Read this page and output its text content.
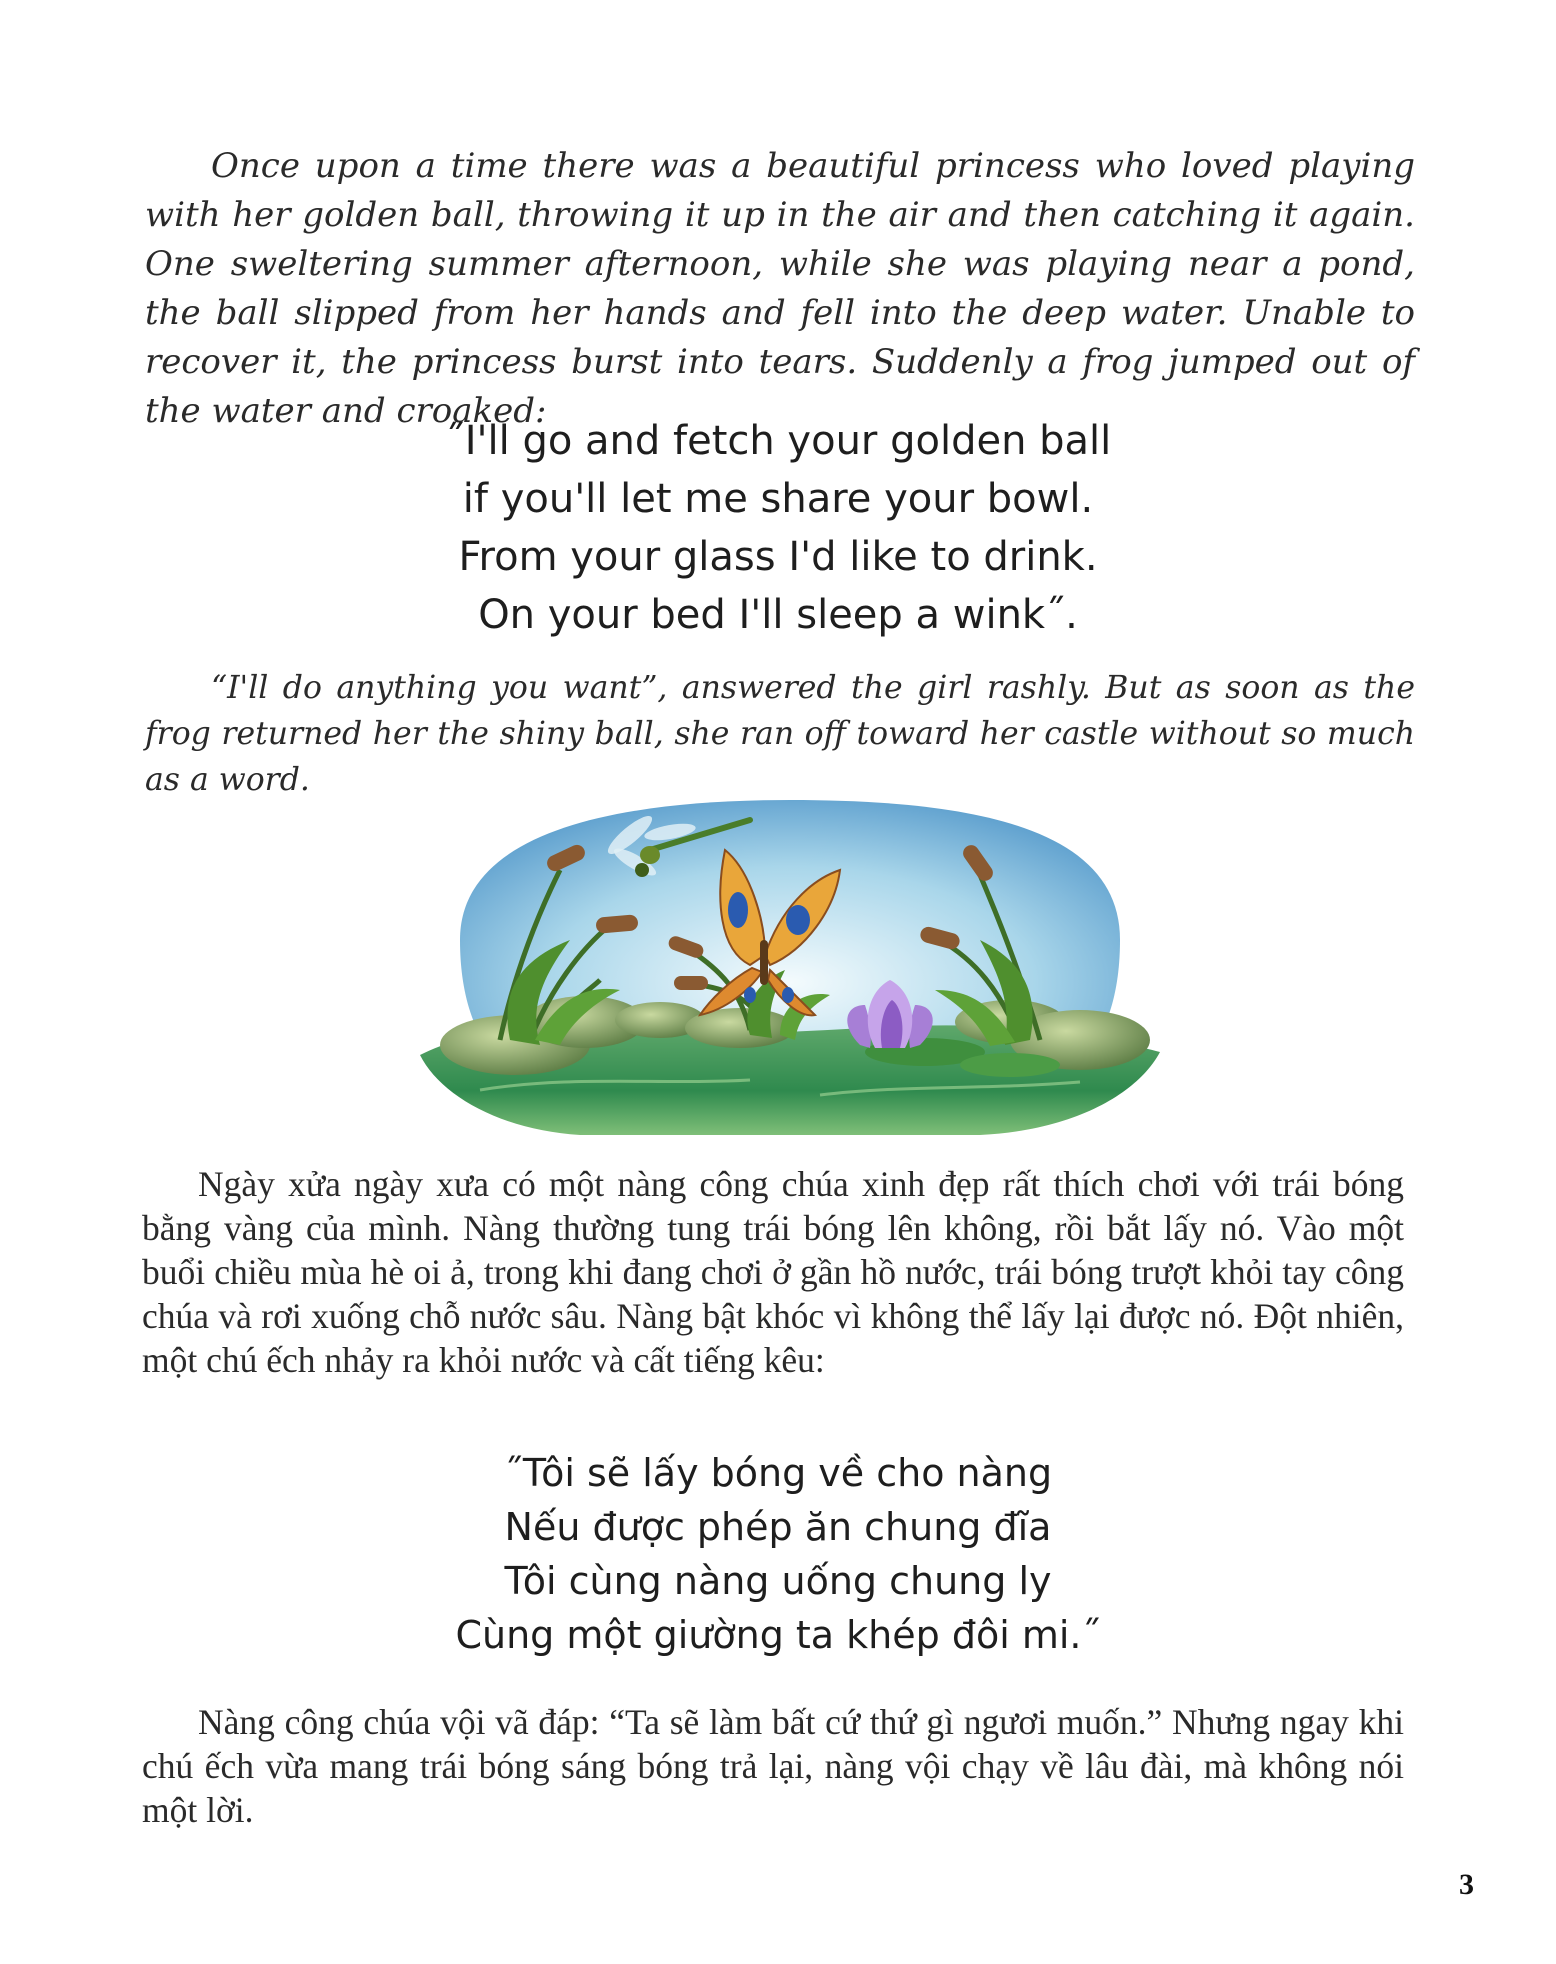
Once upon a time there was a beautiful princess who loved playing with her golden ball, throwing it up in the air and then catching it again. One sweltering summer afternoon, while she was playing near a pond, the ball slipped from her hands and fell into the deep water. Unable to recover it, the princess burst into tears. Suddenly a frog jumped out of the water and croaked:

˝I'll go and fetch your golden ball
if you'll let me share your bowl.
From your glass I'd like to drink.
On your bed I'll sleep a wink˝.

“I'll do anything you want”, answered the girl rashly. But as soon as the frog returned her the shiny ball, she ran off toward her castle without so much as a word.

Ngày xửa ngày xưa có một nàng công chúa xinh đẹp rất thích chơi với trái bóng bằng vàng của mình. Nàng thường tung trái bóng lên không, rồi bắt lấy nó. Vào một buổi chiều mùa hè oi ả, trong khi đang chơi ở gần hồ nước, trái bóng trượt khỏi tay công chúa và rơi xuống chỗ nước sâu. Nàng bật khóc vì không thể lấy lại được nó. Đột nhiên, một chú ếch nhảy ra khỏi nước và cất tiếng kêu:

˝Tôi sẽ lấy bóng về cho nàng
Nếu được phép ăn chung đĩa
Tôi cùng nàng uống chung ly
Cùng một giường ta khép đôi mi.˝

Nàng công chúa vội vã đáp: “Ta sẽ làm bất cứ thứ gì ngươi muốn.” Nhưng ngay khi chú ếch vừa mang trái bóng sáng bóng trả lại, nàng vội chạy về lâu đài, mà không nói một lời.

3
